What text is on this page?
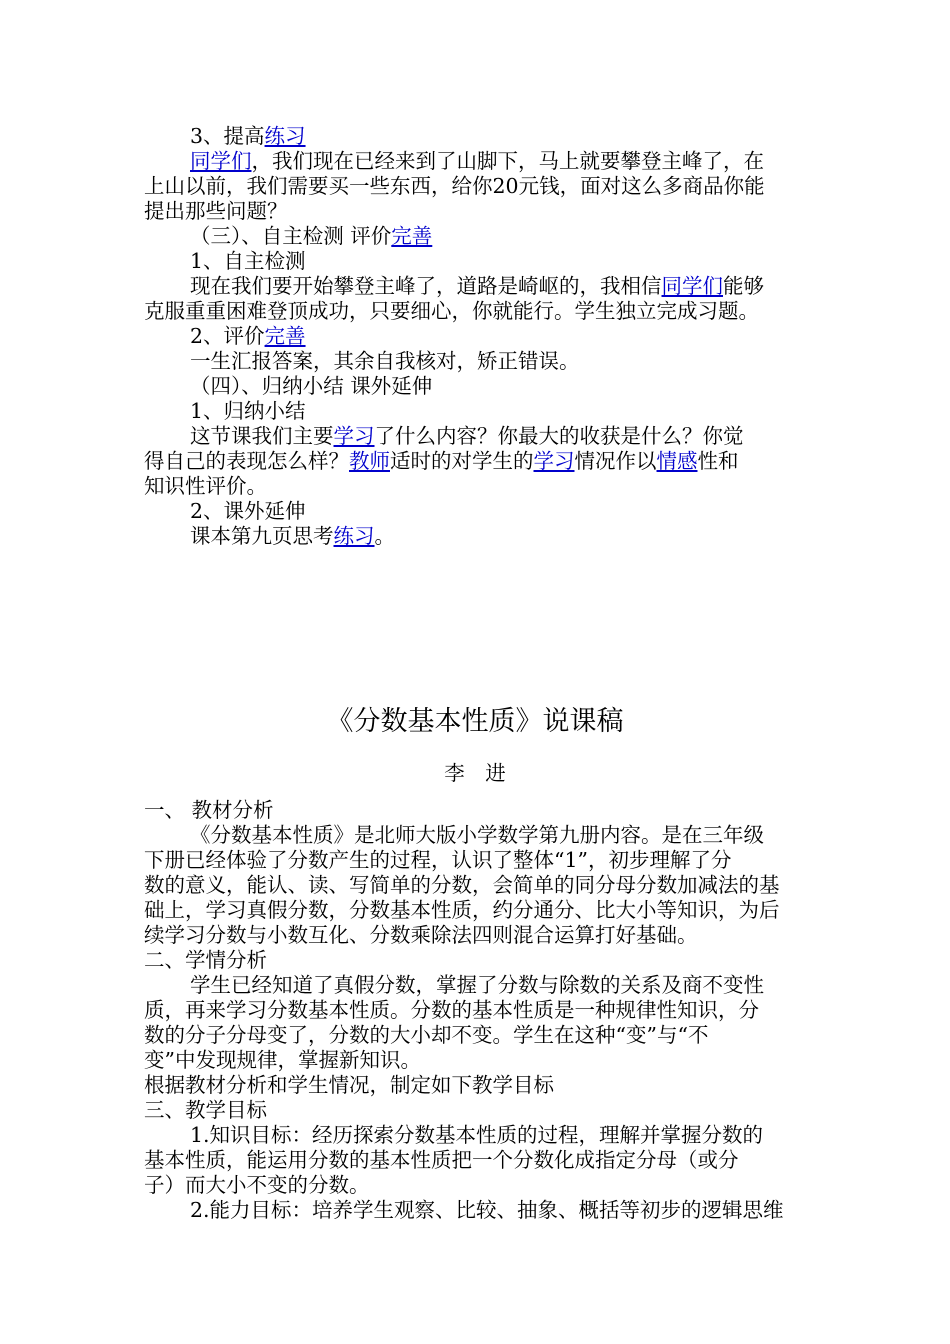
3、提高练习

同学们，我们现在已经来到了山脚下，马上就要攀登主峰了，在

上山以前，我们需要买一些东西，给你20元钱，面对这么多商品你能

提出那些问题？

（三）、自主检测 评价完善

1、自主检测

现在我们要开始攀登主峰了，道路是崎岖的，我相信同学们能够

克服重重困难登顶成功，只要细心，你就能行。学生独立完成习题。

2、评价完善

一生汇报答案，其余自我核对，矫正错误。

（四）、归纳小结 课外延伸

1、归纳小结

这节课我们主要学习了什么内容？你最大的收获是什么？你觉

得自己的表现怎么样？教师适时的对学生的学习情况作以情感性和

知识性评价。

2、课外延伸

课本第九页思考练习。

《分数基本性质》说课稿
李　进

一、 教材分析

《分数基本性质》是北师大版小学数学第九册内容。是在三年级

下册已经体验了分数产生的过程，认识了整体“1”，初步理解了分

数的意义，能认、读、写简单的分数，会简单的同分母分数加减法的基

础上，学习真假分数，分数基本性质，约分通分、比大小等知识，为后

续学习分数与小数互化、分数乘除法四则混合运算打好基础。

二、学情分析

学生已经知道了真假分数，掌握了分数与除数的关系及商不变性

质，再来学习分数基本性质。分数的基本性质是一种规律性知识，分

数的分子分母变了，分数的大小却不变。学生在这种“变”与“不

变”中发现规律，掌握新知识。

根据教材分析和学生情况，制定如下教学目标

三、教学目标

1.知识目标：经历探索分数基本性质的过程，理解并掌握分数的

基本性质，能运用分数的基本性质把一个分数化成指定分母（或分

子）而大小不变的分数。

2.能力目标：培养学生观察、比较、抽象、概括等初步的逻辑思维
